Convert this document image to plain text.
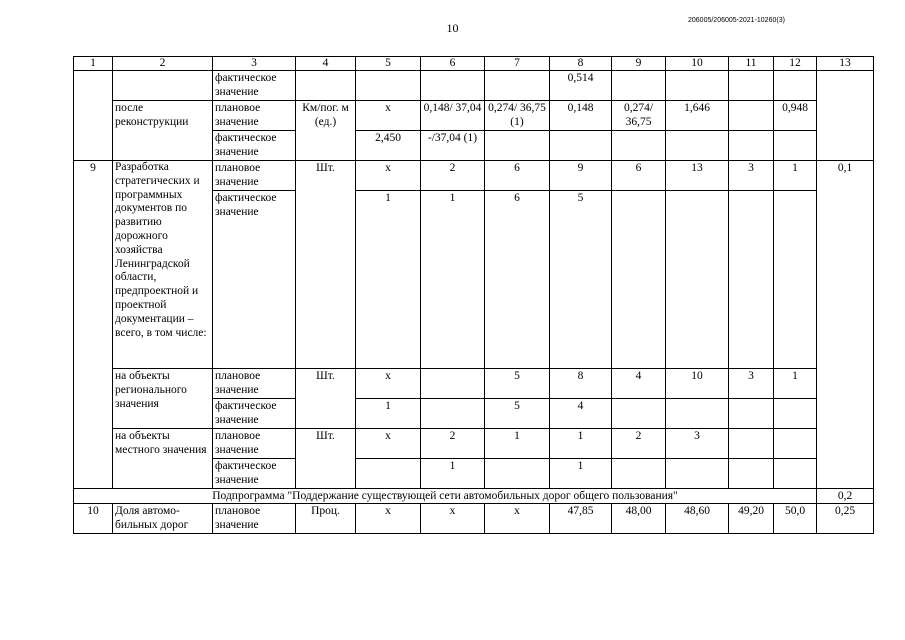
10
206005/206005-2021-10260(3)
1	2	3	4	5	6	7	8	9	10	11	12	13
		фактическое значение					0,514					
	после реконструкции	плановое значение	Км/пог. м (ед.)	x	0,148/ 37,04	0,274/ 36,75 (1)	0,148	0,274/ 36,75	1,646		0,948	
		фактическое значение		2,450	-/37,04 (1)							
9	Разработка стратегических и программных документов по развитию дорожного хозяйства Ленинградской области, предпроектной и проектной документации – всего, в том числе:	плановое значение	Шт.	x	2	6	9	6	13	3	1	0,1
		фактическое значение		1	1	6	5					
	на объекты регионального значения	плановое значение	Шт.	x		5	8	4	10	3	1	
		фактическое значение		1		5	4					
	на объекты местного значения	плановое значение	Шт.	x	2	1	1	2	3			
		фактическое значение			1		1					
Подпрограмма "Поддержание существующей сети автомобильных дорог общего пользования"												0,2
10	Доля автомо- бильных дорог	плановое значение	Проц.	x	x	x	47,85	48,00	48,60	49,20	50,0	0,25
